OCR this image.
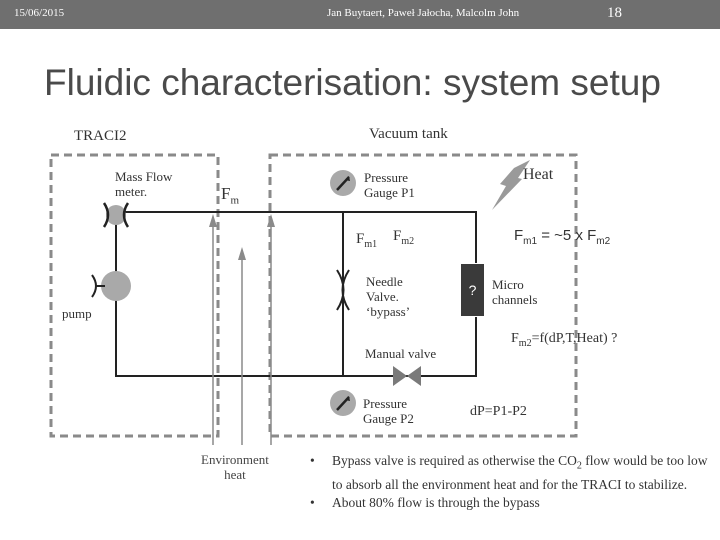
15/06/2015	Jan Buytaert, Paweł Jałocha, Malcolm John	18
Fluidic characterisation: system setup
TRACI2	Vacuum tank
Mass Flow
meter.	$F_m$
Pressure
Gauge P1
Heat
$F_{m1}$ = ~5 x $F_{m2}$
$F_{m1}$
$F_{m2}$
Needle
Valve.
‘bypass’
?	Micro
channels
pump
$F_{m2}=f(dP,T,Heat)$ ?
Manual valve
Pressure
Gauge P2	dP=P1-P2
Environment
heat
• Bypass valve is required as otherwise the $CO_2$ flow would be too low to absorb all the environment heat and for the TRACI to stabilize.
• About 80% flow is through the bypass
